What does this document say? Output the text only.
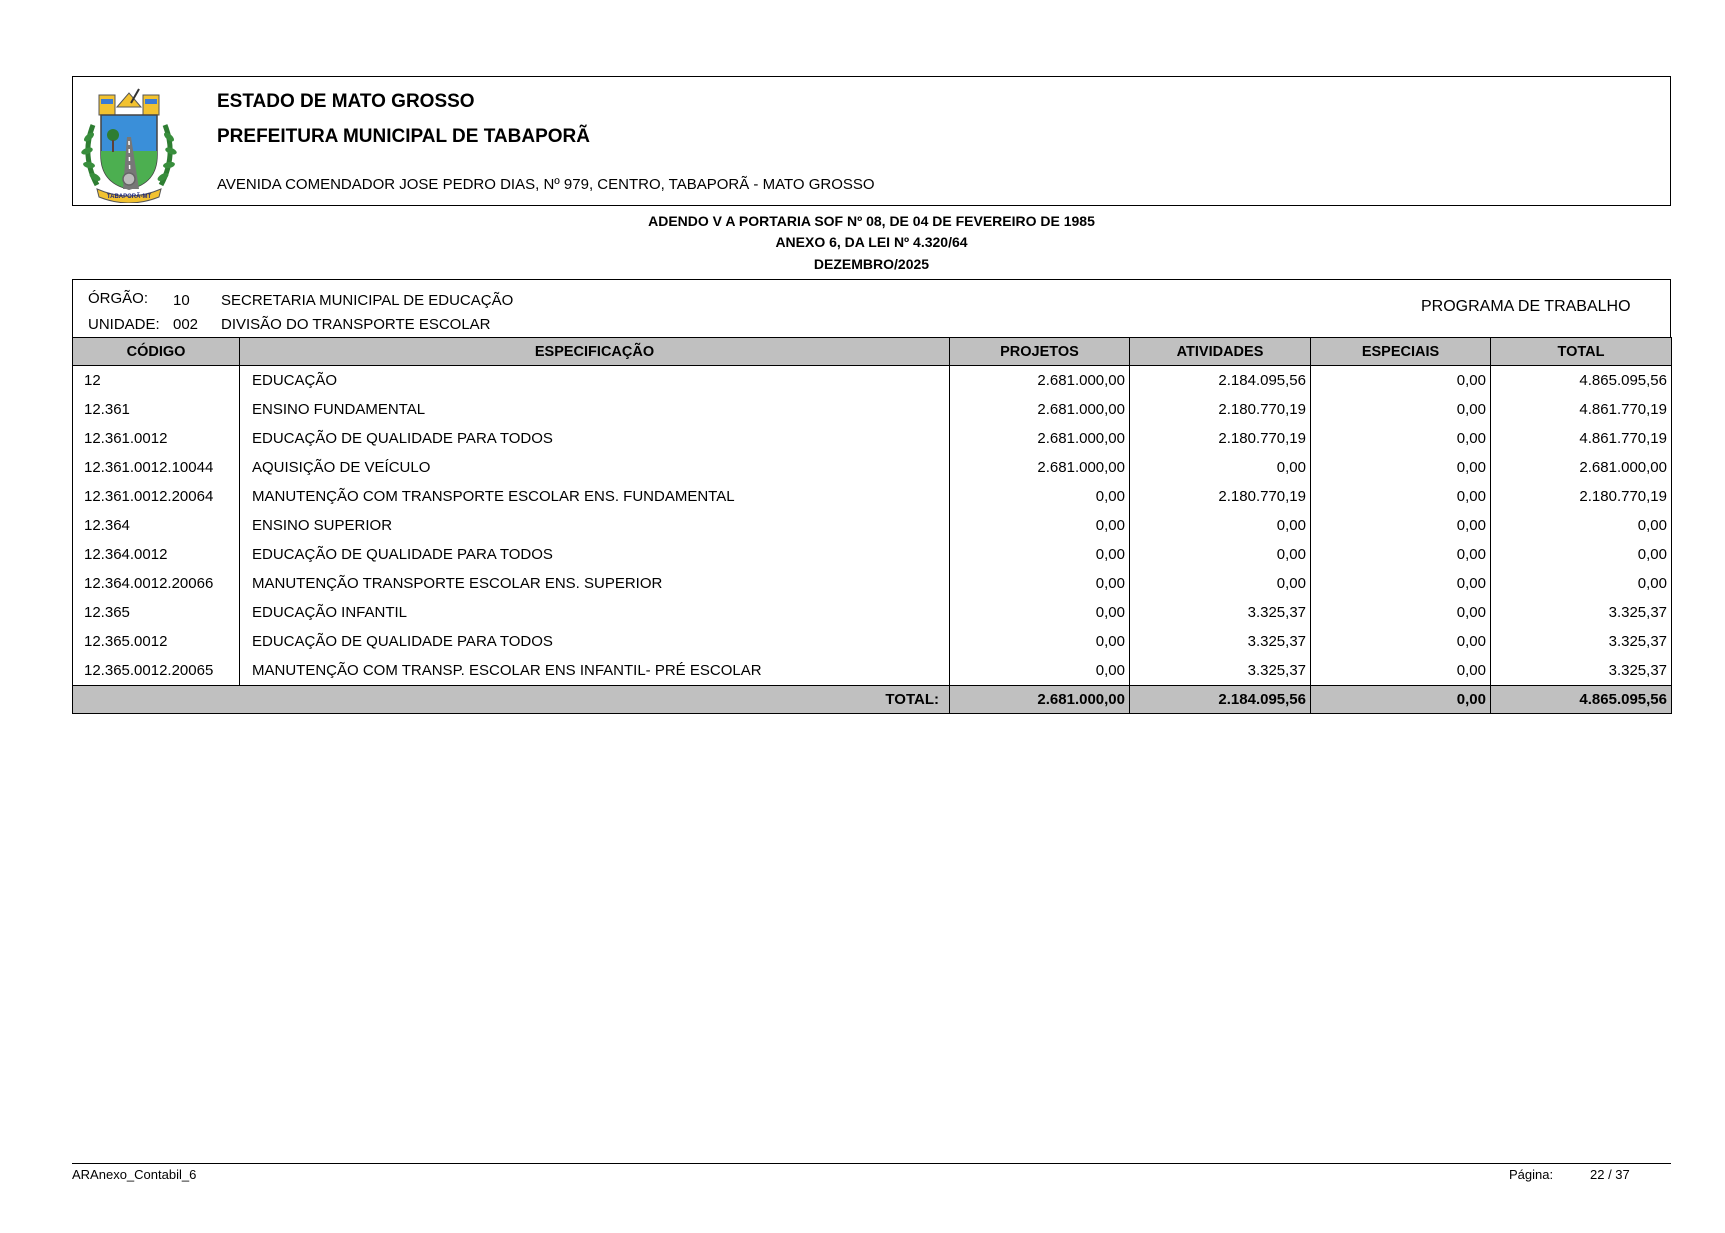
TABAPORÃ-MT
ESTADO DE MATO GROSSO
PREFEITURA MUNICIPAL DE TABAPORÃ
AVENIDA COMENDADOR JOSE PEDRO DIAS, Nº 979, CENTRO, TABAPORÃ - MATO GROSSO
ADENDO V A PORTARIA SOF Nº 08, DE 04 DE FEVEREIRO DE 1985
ANEXO 6, DA LEI Nº 4.320/64
DEZEMBRO/2025
ÓRGÃO: 10 SECRETARIA MUNICIPAL DE EDUCAÇÃO
UNIDADE: 002 DIVISÃO DO TRANSPORTE ESCOLAR
PROGRAMA DE TRABALHO
CÓDIGO	ESPECIFICAÇÃO	PROJETOS	ATIVIDADES	ESPECIAIS	TOTAL
12	EDUCAÇÃO	2.681.000,00	2.184.095,56	0,00	4.865.095,56
12.361	ENSINO FUNDAMENTAL	2.681.000,00	2.180.770,19	0,00	4.861.770,19
12.361.0012	EDUCAÇÃO DE QUALIDADE PARA TODOS	2.681.000,00	2.180.770,19	0,00	4.861.770,19
12.361.0012.10044	AQUISIÇÃO DE VEÍCULO	2.681.000,00	0,00	0,00	2.681.000,00
12.361.0012.20064	MANUTENÇÃO COM TRANSPORTE ESCOLAR ENS. FUNDAMENTAL	0,00	2.180.770,19	0,00	2.180.770,19
12.364	ENSINO SUPERIOR	0,00	0,00	0,00	0,00
12.364.0012	EDUCAÇÃO DE QUALIDADE PARA TODOS	0,00	0,00	0,00	0,00
12.364.0012.20066	MANUTENÇÃO TRANSPORTE ESCOLAR ENS. SUPERIOR	0,00	0,00	0,00	0,00
12.365	EDUCAÇÃO INFANTIL	0,00	3.325,37	0,00	3.325,37
12.365.0012	EDUCAÇÃO DE QUALIDADE PARA TODOS	0,00	3.325,37	0,00	3.325,37
12.365.0012.20065	MANUTENÇÃO COM TRANSP. ESCOLAR ENS INFANTIL- PRÉ ESCOLAR	0,00	3.325,37	0,00	3.325,37
TOTAL:		2.681.000,00	2.184.095,56	0,00	4.865.095,56
ARAnexo_Contabil_6	Página:	22 / 37
